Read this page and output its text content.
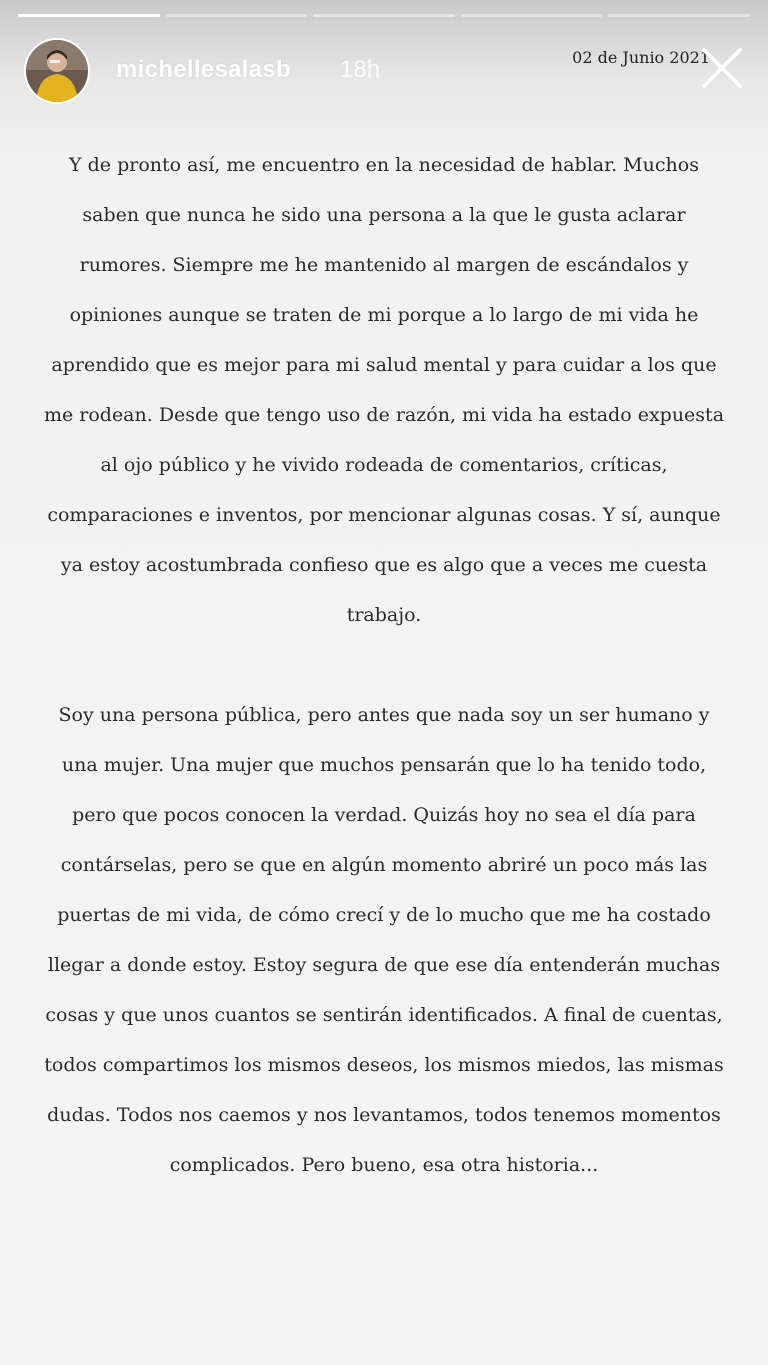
michellesalasb 18h	02 de Junio 2021

Y de pronto así, me encuentro en la necesidad de hablar. Muchos saben que nunca he sido una persona a la que le gusta aclarar rumores. Siempre me he mantenido al margen de escándalos y opiniones aunque se traten de mi porque a lo largo de mi vida he aprendido que es mejor para mi salud mental y para cuidar a los que me rodean. Desde que tengo uso de razón, mi vida ha estado expuesta al ojo público y he vivido rodeada de comentarios, críticas, comparaciones e inventos, por mencionar algunas cosas. Y sí, aunque ya estoy acostumbrada confieso que es algo que a veces me cuesta trabajo.

Soy una persona pública, pero antes que nada soy un ser humano y una mujer. Una mujer que muchos pensarán que lo ha tenido todo, pero que pocos conocen la verdad. Quizás hoy no sea el día para contárselas, pero se que en algún momento abriré un poco más las puertas de mi vida, de cómo crecí y de lo mucho que me ha costado llegar a donde estoy. Estoy segura de que ese día entenderán muchas cosas y que unos cuantos se sentirán identificados. A final de cuentas, todos compartimos los mismos deseos, los mismos miedos, las mismas dudas. Todos nos caemos y nos levantamos, todos tenemos momentos complicados. Pero bueno, esa otra historia...
